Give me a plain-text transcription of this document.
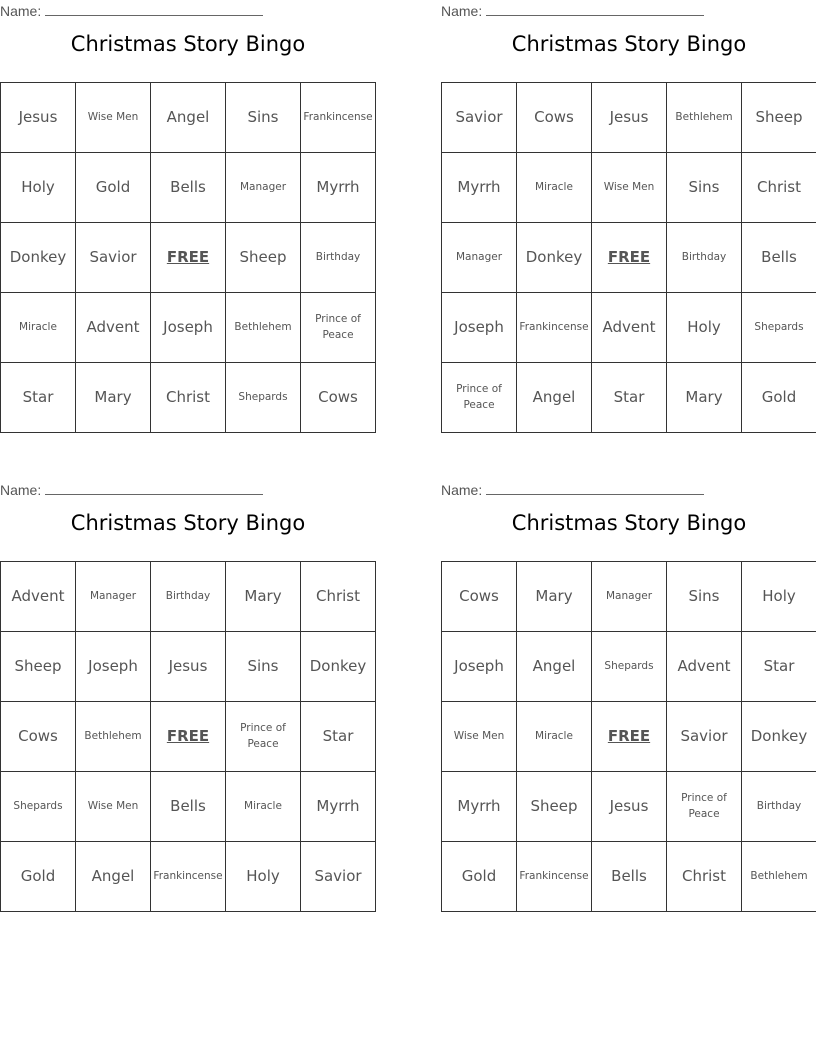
Name:
Christmas Story Bingo
Jesus	Wise Men	Angel	Sins	Frankincense
Holy	Gold	Bells	Manager	Myrrh
Donkey	Savior	FREE	Sheep	Birthday
Miracle	Advent	Joseph	Bethlehem	Prince of Peace
Star	Mary	Christ	Shepards	Cows
Name:
Christmas Story Bingo
Savior	Cows	Jesus	Bethlehem	Sheep
Myrrh	Miracle	Wise Men	Sins	Christ
Manager	Donkey	FREE	Birthday	Bells
Joseph	Frankincense	Advent	Holy	Shepards
Prince of Peace	Angel	Star	Mary	Gold
Name:
Christmas Story Bingo
Advent	Manager	Birthday	Mary	Christ
Sheep	Joseph	Jesus	Sins	Donkey
Cows	Bethlehem	FREE	Prince of Peace	Star
Shepards	Wise Men	Bells	Miracle	Myrrh
Gold	Angel	Frankincense	Holy	Savior
Name:
Christmas Story Bingo
Cows	Mary	Manager	Sins	Holy
Joseph	Angel	Shepards	Advent	Star
Wise Men	Miracle	FREE	Savior	Donkey
Myrrh	Sheep	Jesus	Prince of Peace	Birthday
Gold	Frankincense	Bells	Christ	Bethlehem
